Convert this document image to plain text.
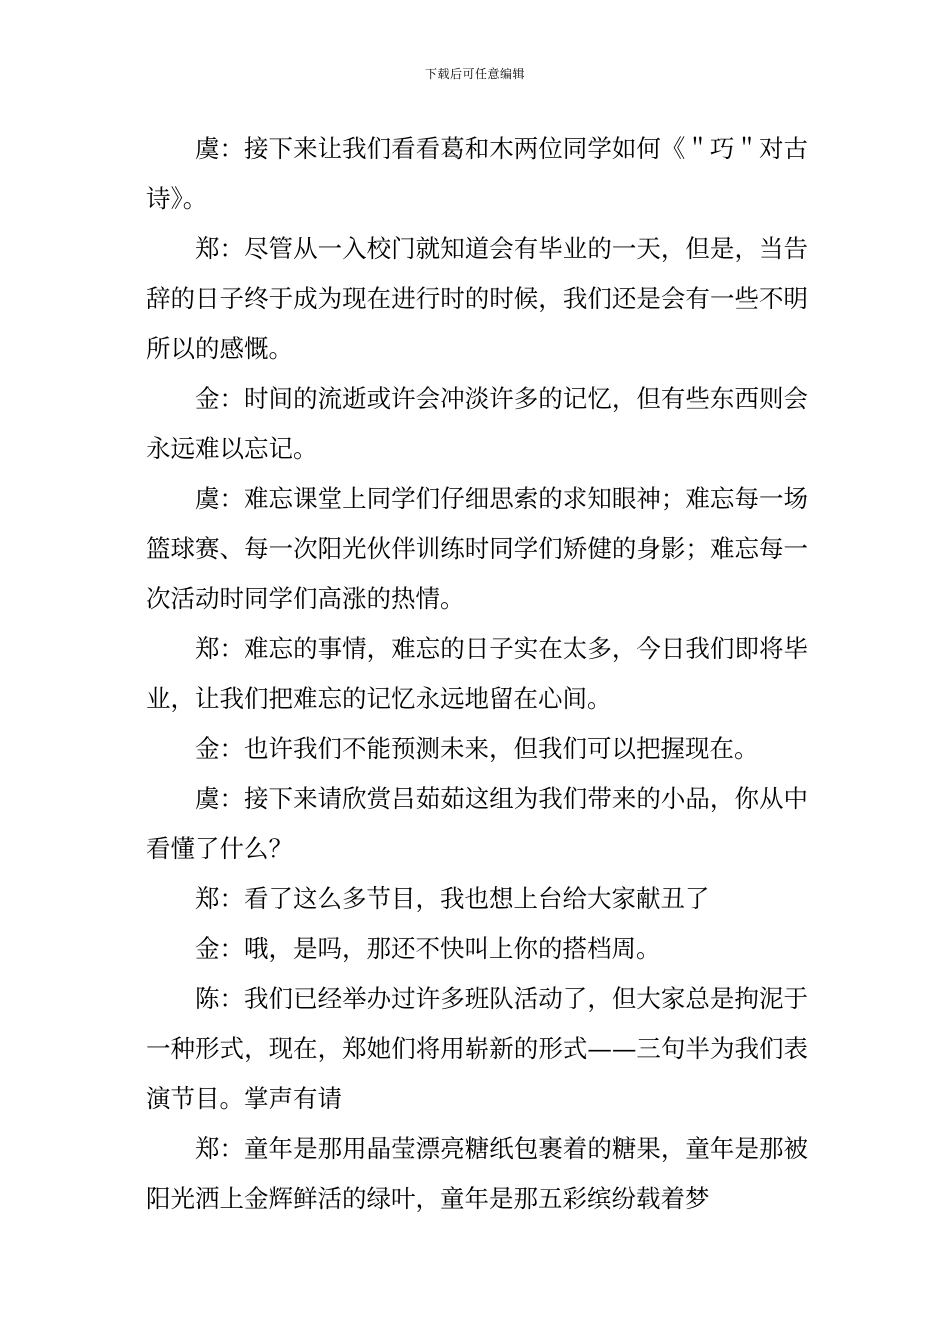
下载后可任意编辑

虞：接下来让我们看看葛和木两位同学如何《＂巧＂对古诗》。

郑：尽管从一入校门就知道会有毕业的一天，但是，当告辞的日子终于成为现在进行时的时候，我们还是会有一些不明所以的感慨。

金：时间的流逝或许会冲淡许多的记忆，但有些东西则会永远难以忘记。

虞：难忘课堂上同学们仔细思索的求知眼神；难忘每一场篮球赛、每一次阳光伙伴训练时同学们矫健的身影；难忘每一次活动时同学们高涨的热情。

郑：难忘的事情，难忘的日子实在太多，今日我们即将毕业，让我们把难忘的记忆永远地留在心间。

金：也许我们不能预测未来，但我们可以把握现在。

虞：接下来请欣赏吕茹茹这组为我们带来的小品，你从中看懂了什么？

郑：看了这么多节目，我也想上台给大家献丑了

金：哦，是吗，那还不快叫上你的搭档周。

陈：我们已经举办过许多班队活动了，但大家总是拘泥于一种形式，现在，郑她们将用崭新的形式——三句半为我们表演节目。掌声有请

郑：童年是那用晶莹漂亮糖纸包裹着的糖果，童年是那被阳光洒上金辉鲜活的绿叶，童年是那五彩缤纷载着梦
